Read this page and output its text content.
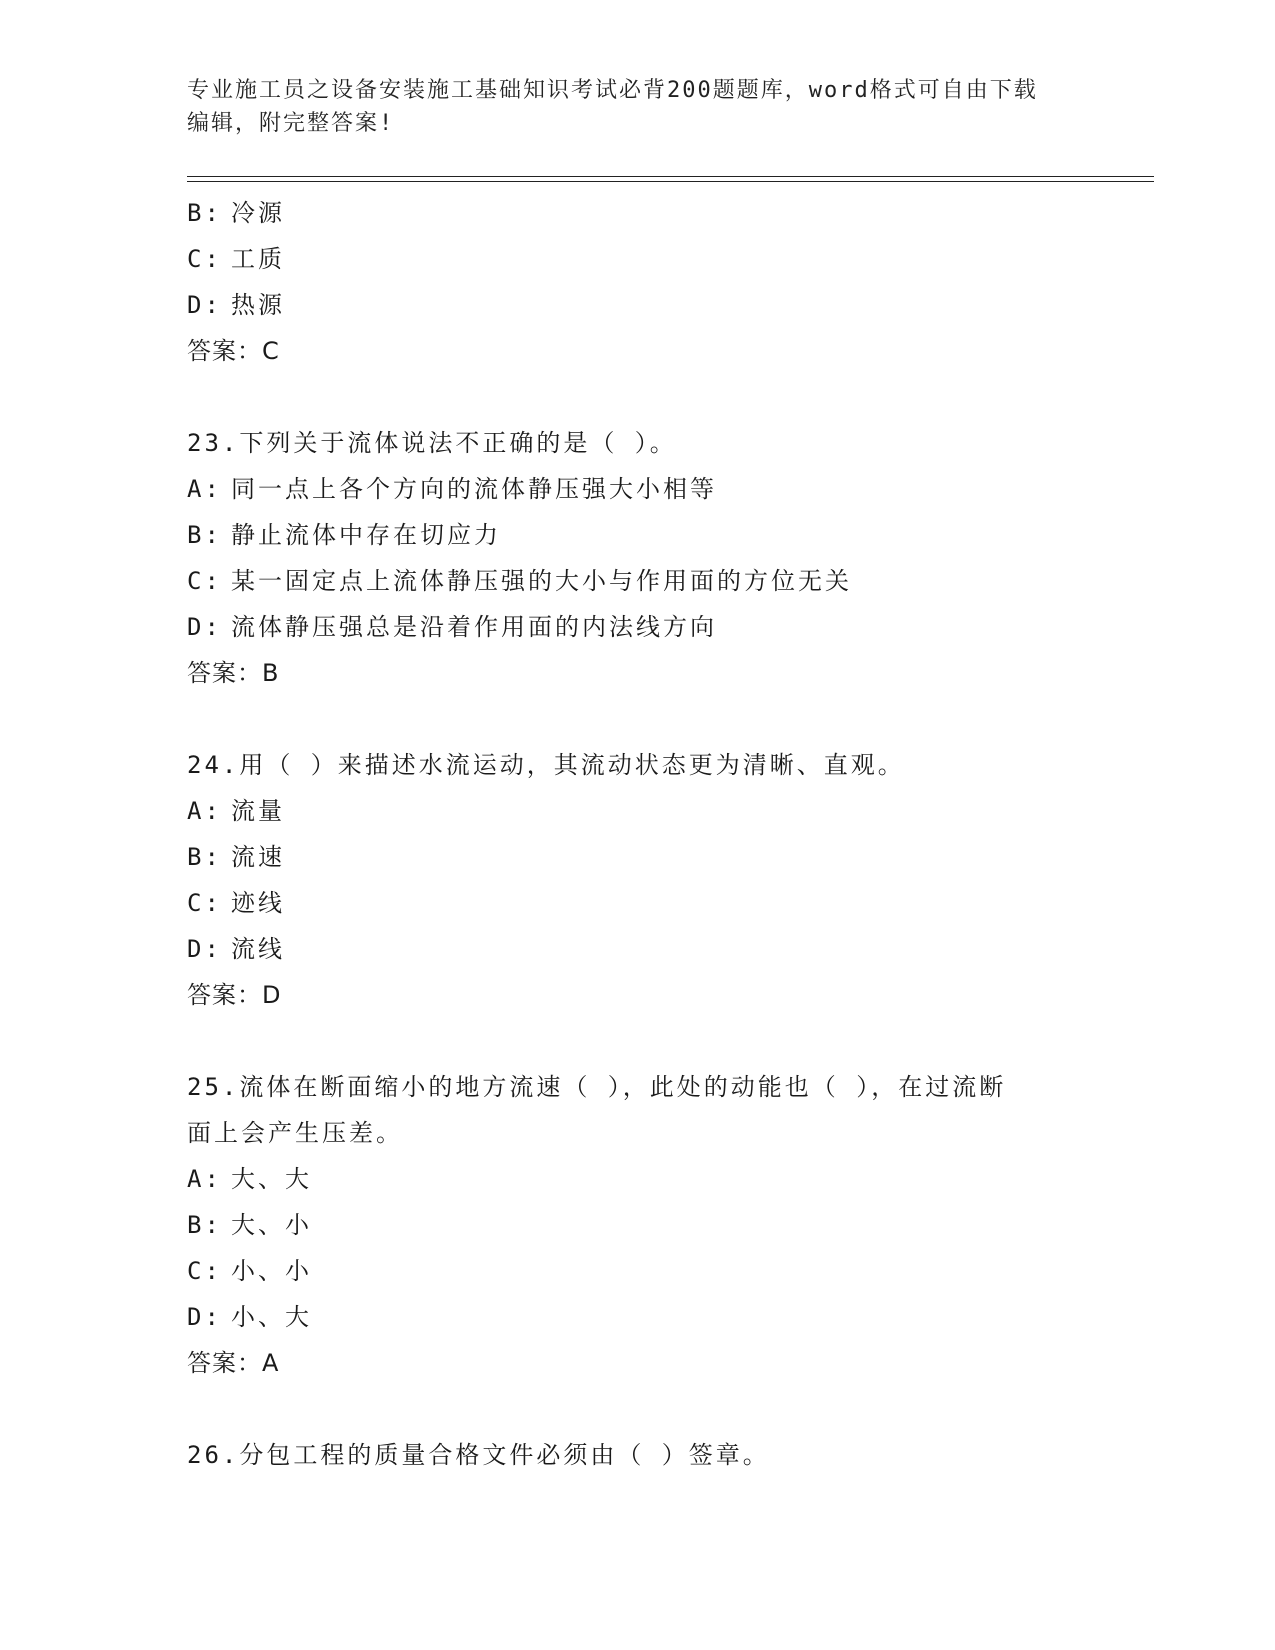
专业施工员之设备安装施工基础知识考试必背200题题库，word格式可自由下载
编辑，附完整答案!
B: 冷源
C: 工质
D: 热源
答案：C
23.下列关于流体说法不正确的是（ ）。
A: 同一点上各个方向的流体静压强大小相等
B: 静止流体中存在切应力
C: 某一固定点上流体静压强的大小与作用面的方位无关
D: 流体静压强总是沿着作用面的内法线方向
答案：B
24.用（ ）来描述水流运动，其流动状态更为清晰、直观。
A: 流量
B: 流速
C: 迹线
D: 流线
答案：D
25.流体在断面缩小的地方流速（ ），此处的动能也（ ），在过流断
面上会产生压差。
A: 大、大
B: 大、小
C: 小、小
D: 小、大
答案：A
26.分包工程的质量合格文件必须由（ ）签章。
